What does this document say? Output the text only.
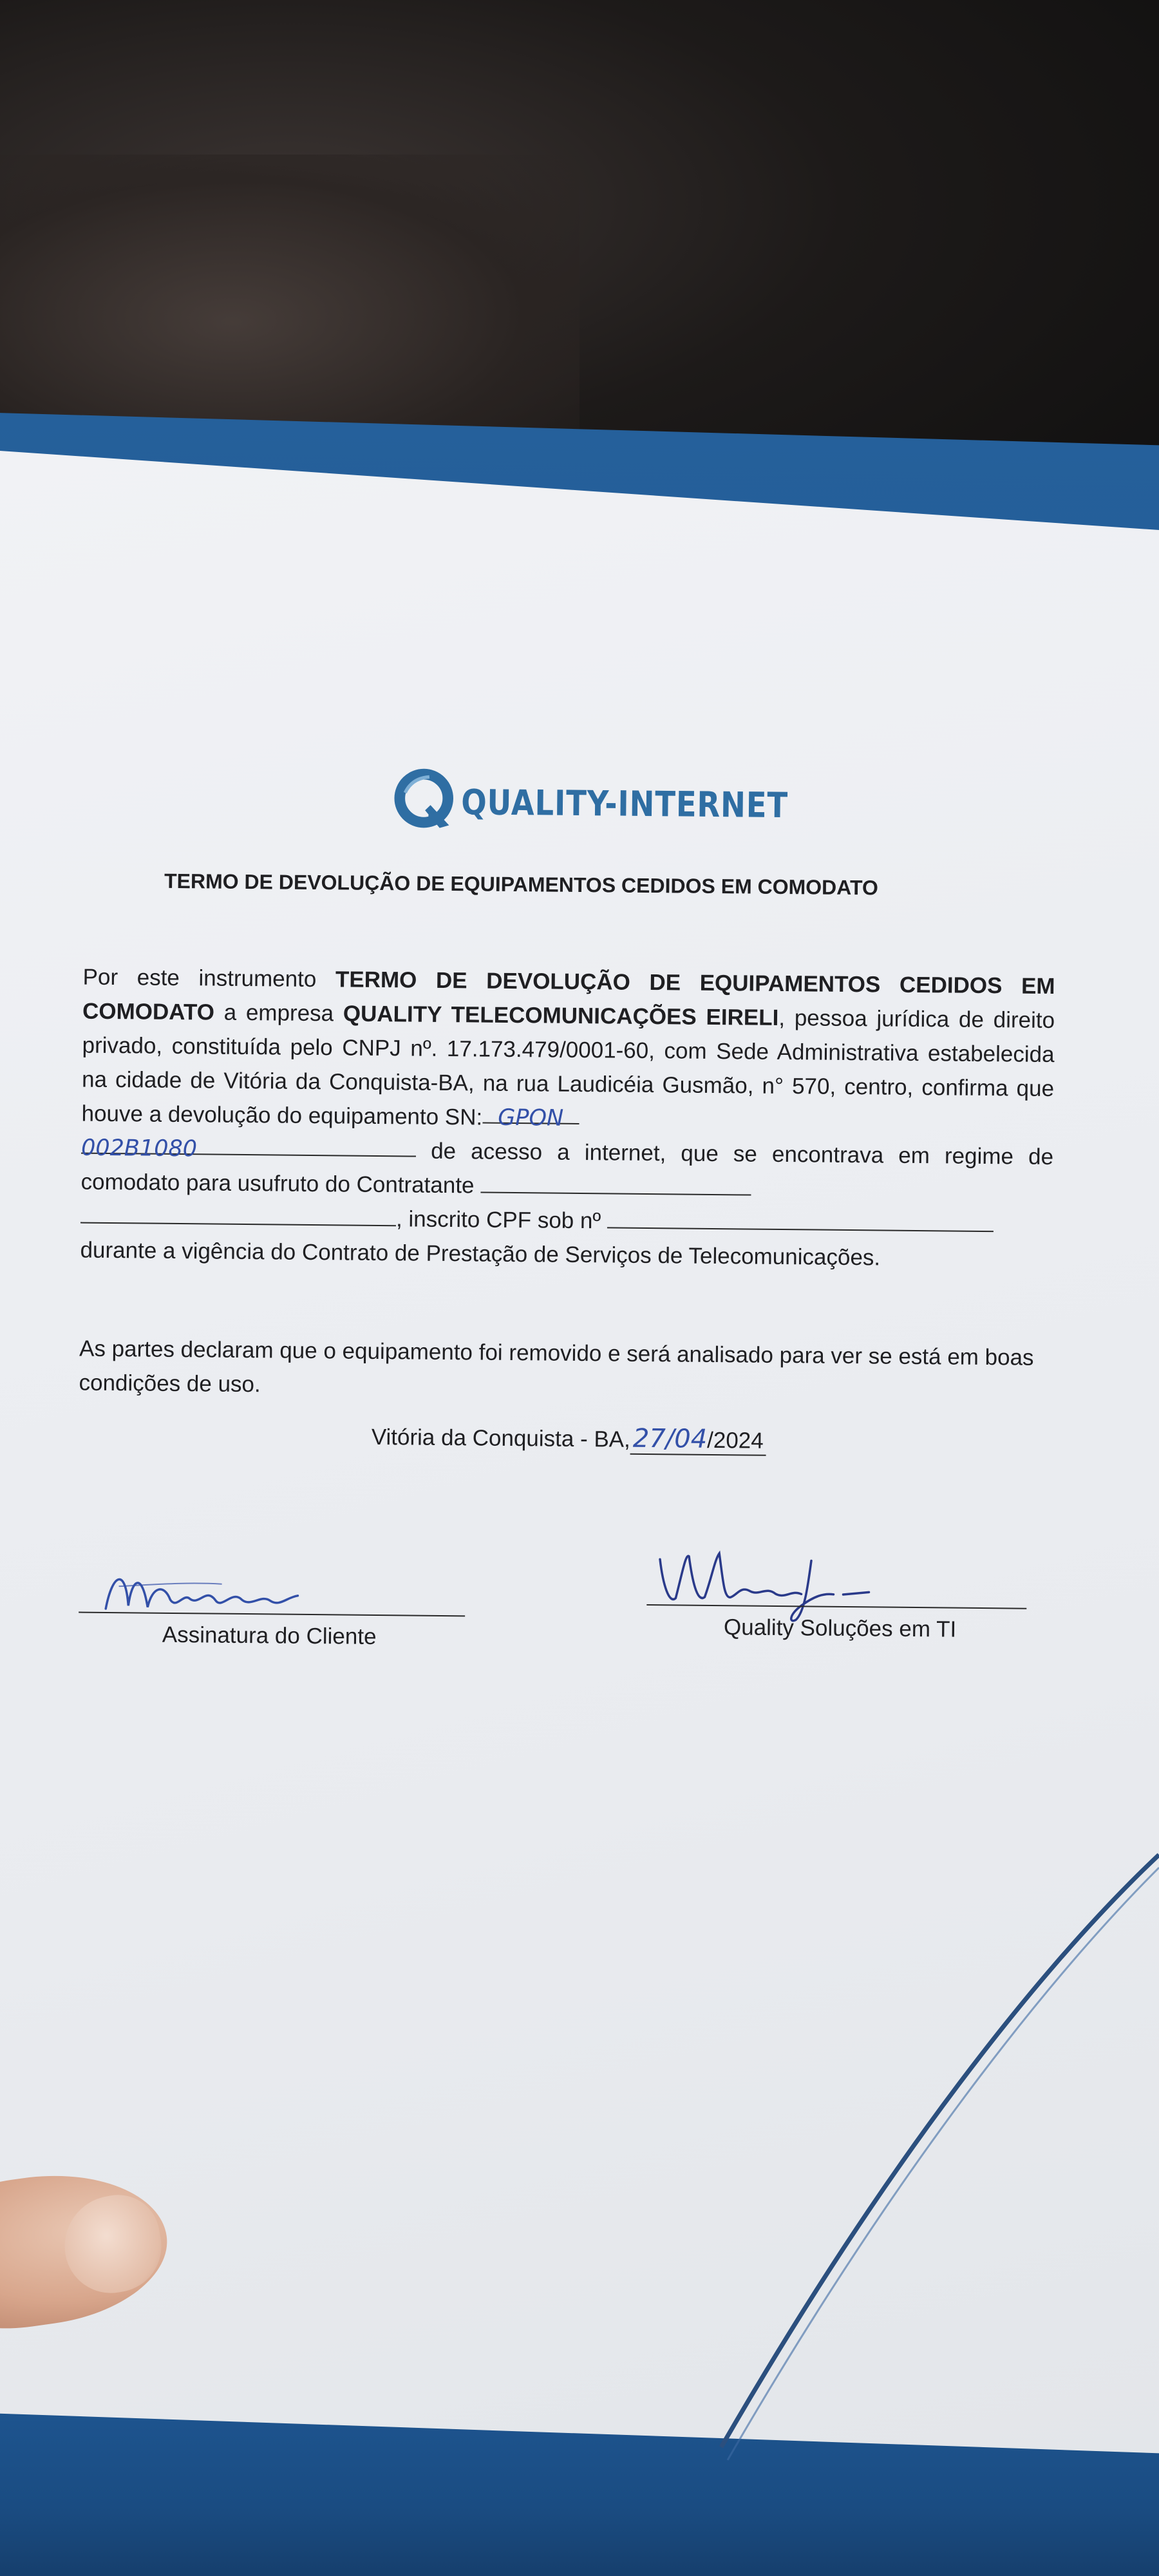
QUALITY-INTERNET
TERMO DE DEVOLUÇÃO DE EQUIPAMENTOS CEDIDOS EM COMODATO
Por este instrumento TERMO DE DEVOLUÇÃO DE EQUIPAMENTOS CEDIDOS EM COMODATO a empresa QUALITY TELECOMUNICAÇÕES EIRELI, pessoa jurídica de direito privado, constituída pelo CNPJ nº. 17.173.479/0001-60, com Sede Administrativa estabelecida na cidade de Vitória da Conquista-BA, na rua Laudicéia Gusmão, n° 570, centro, confirma que houve a devolução do equipamento SN: GPON
002B1080	de acesso a internet, que se encontrava em regime de comodato para usufruto do Contratante
, inscrito CPF sob nº
durante a vigência do Contrato de Prestação de Serviços de Telecomunicações.
As partes declaram que o equipamento foi removido e será analisado para ver se está em boas condições de uso.
Vitória da Conquista - BA,27/04/2024
Assinatura do Cliente	Quality Soluções em TI
